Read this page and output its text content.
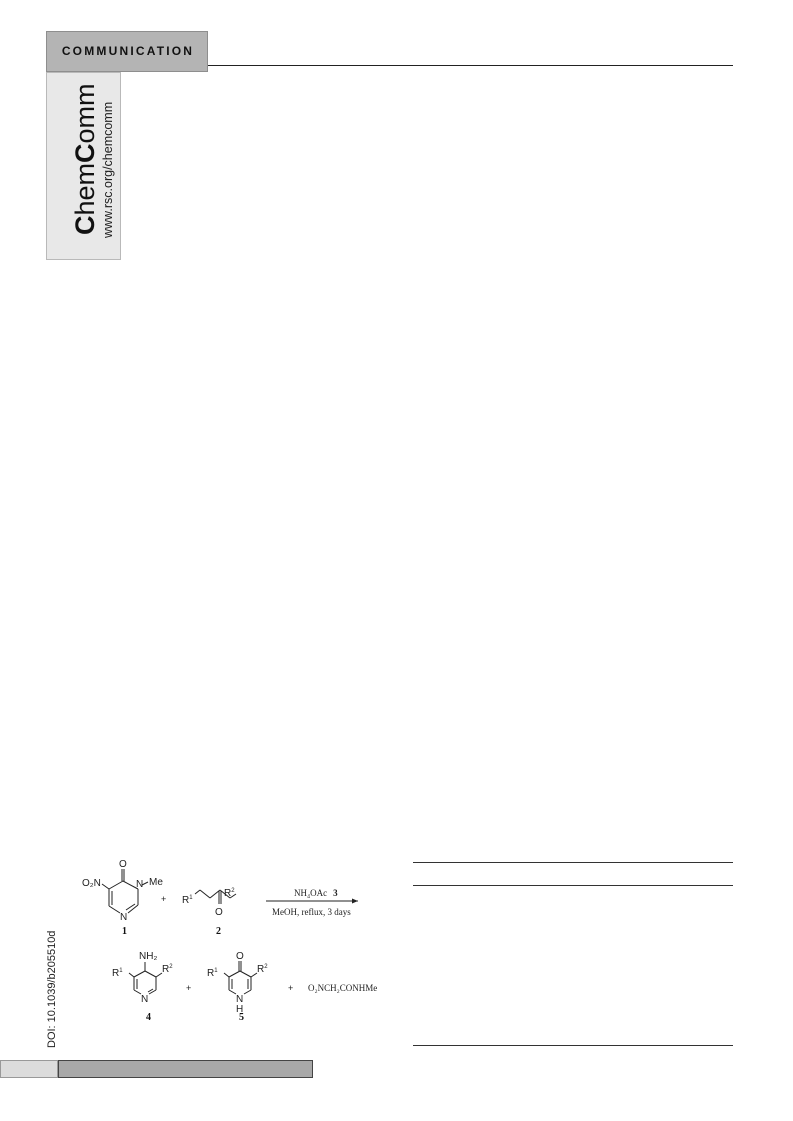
COMMUNICATION
ChemComm www.rsc.org/chemcomm
DOI: 10.1039/b205510d
O
O₂N	N Me
N
1
+ $R^1$	$R^2$
O
2
NH₄OAc 3
MeOH, reflux, 3 days
NH₂
$R^1$	$R^2$
N
4
+
O
$R^1$	$R^2$
N
H
5
+ O₂NCH₂CONHMe
